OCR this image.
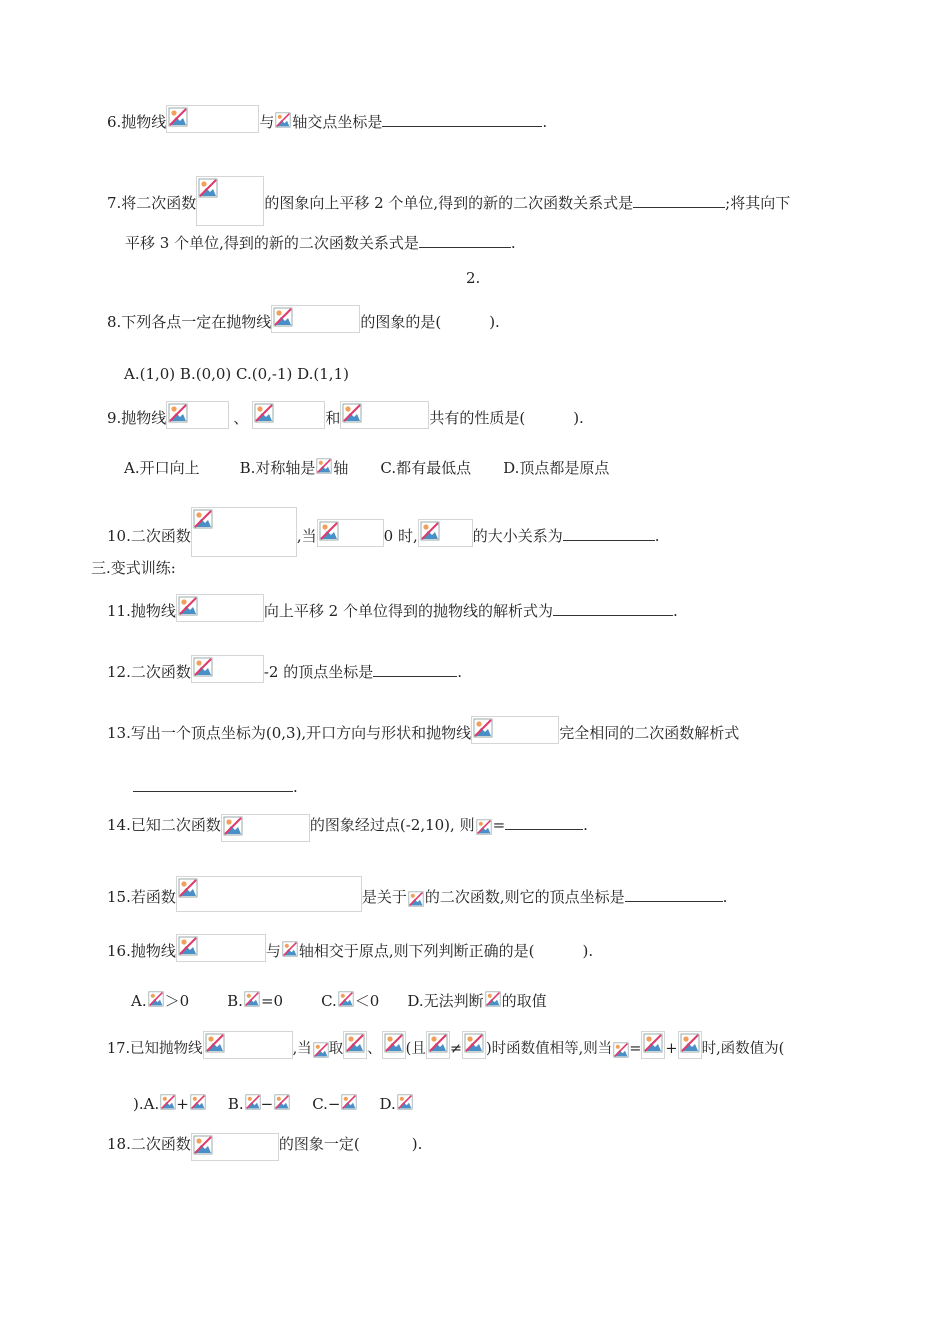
6.抛物线	与 轴交点坐标是	.
7.将二次函数	的图象向上平移 2 个单位,得到的新的二次函数关系式是	;将其向下
平移 3 个单位,得到的新的二次函数关系式是	.
2.
8.下列各点一定在抛物线	的图象的是(	).
A.(1,0) B.(0,0) C.(0,-1) D.(1,1)
9.抛物线	、	和	共有的性质是(	).
A.开口向上	B.对称轴是 轴 C.都有最低点 D.顶点都是原点
10.二次函数	,当	0 时,	的大小关系为	.
三.变式训练:
11.抛物线	向上平移 2 个单位得到的抛物线的解析式为	.
12.二次函数	-2 的顶点坐标是	.
13.写出一个顶点坐标为(0,3),开口方向与形状和抛物线	完全相同的二次函数解析式
.
14.已知二次函数	的图象经过点(-2,10), 则 =	.
15.若函数	是关于 的二次函数,则它的顶点坐标是	.
16.抛物线	与 轴相交于原点,则下列判断正确的是(	).
A. ＞0	B. =0	C. ＜0 D.无法判断 的取值
17.已知抛物线	,当 取 、 (且 ≠ )时函数值相等,则当 = + 时,函数值为(
).A. +	B. −	C.−	D.
18.二次函数	的图象一定(	).
